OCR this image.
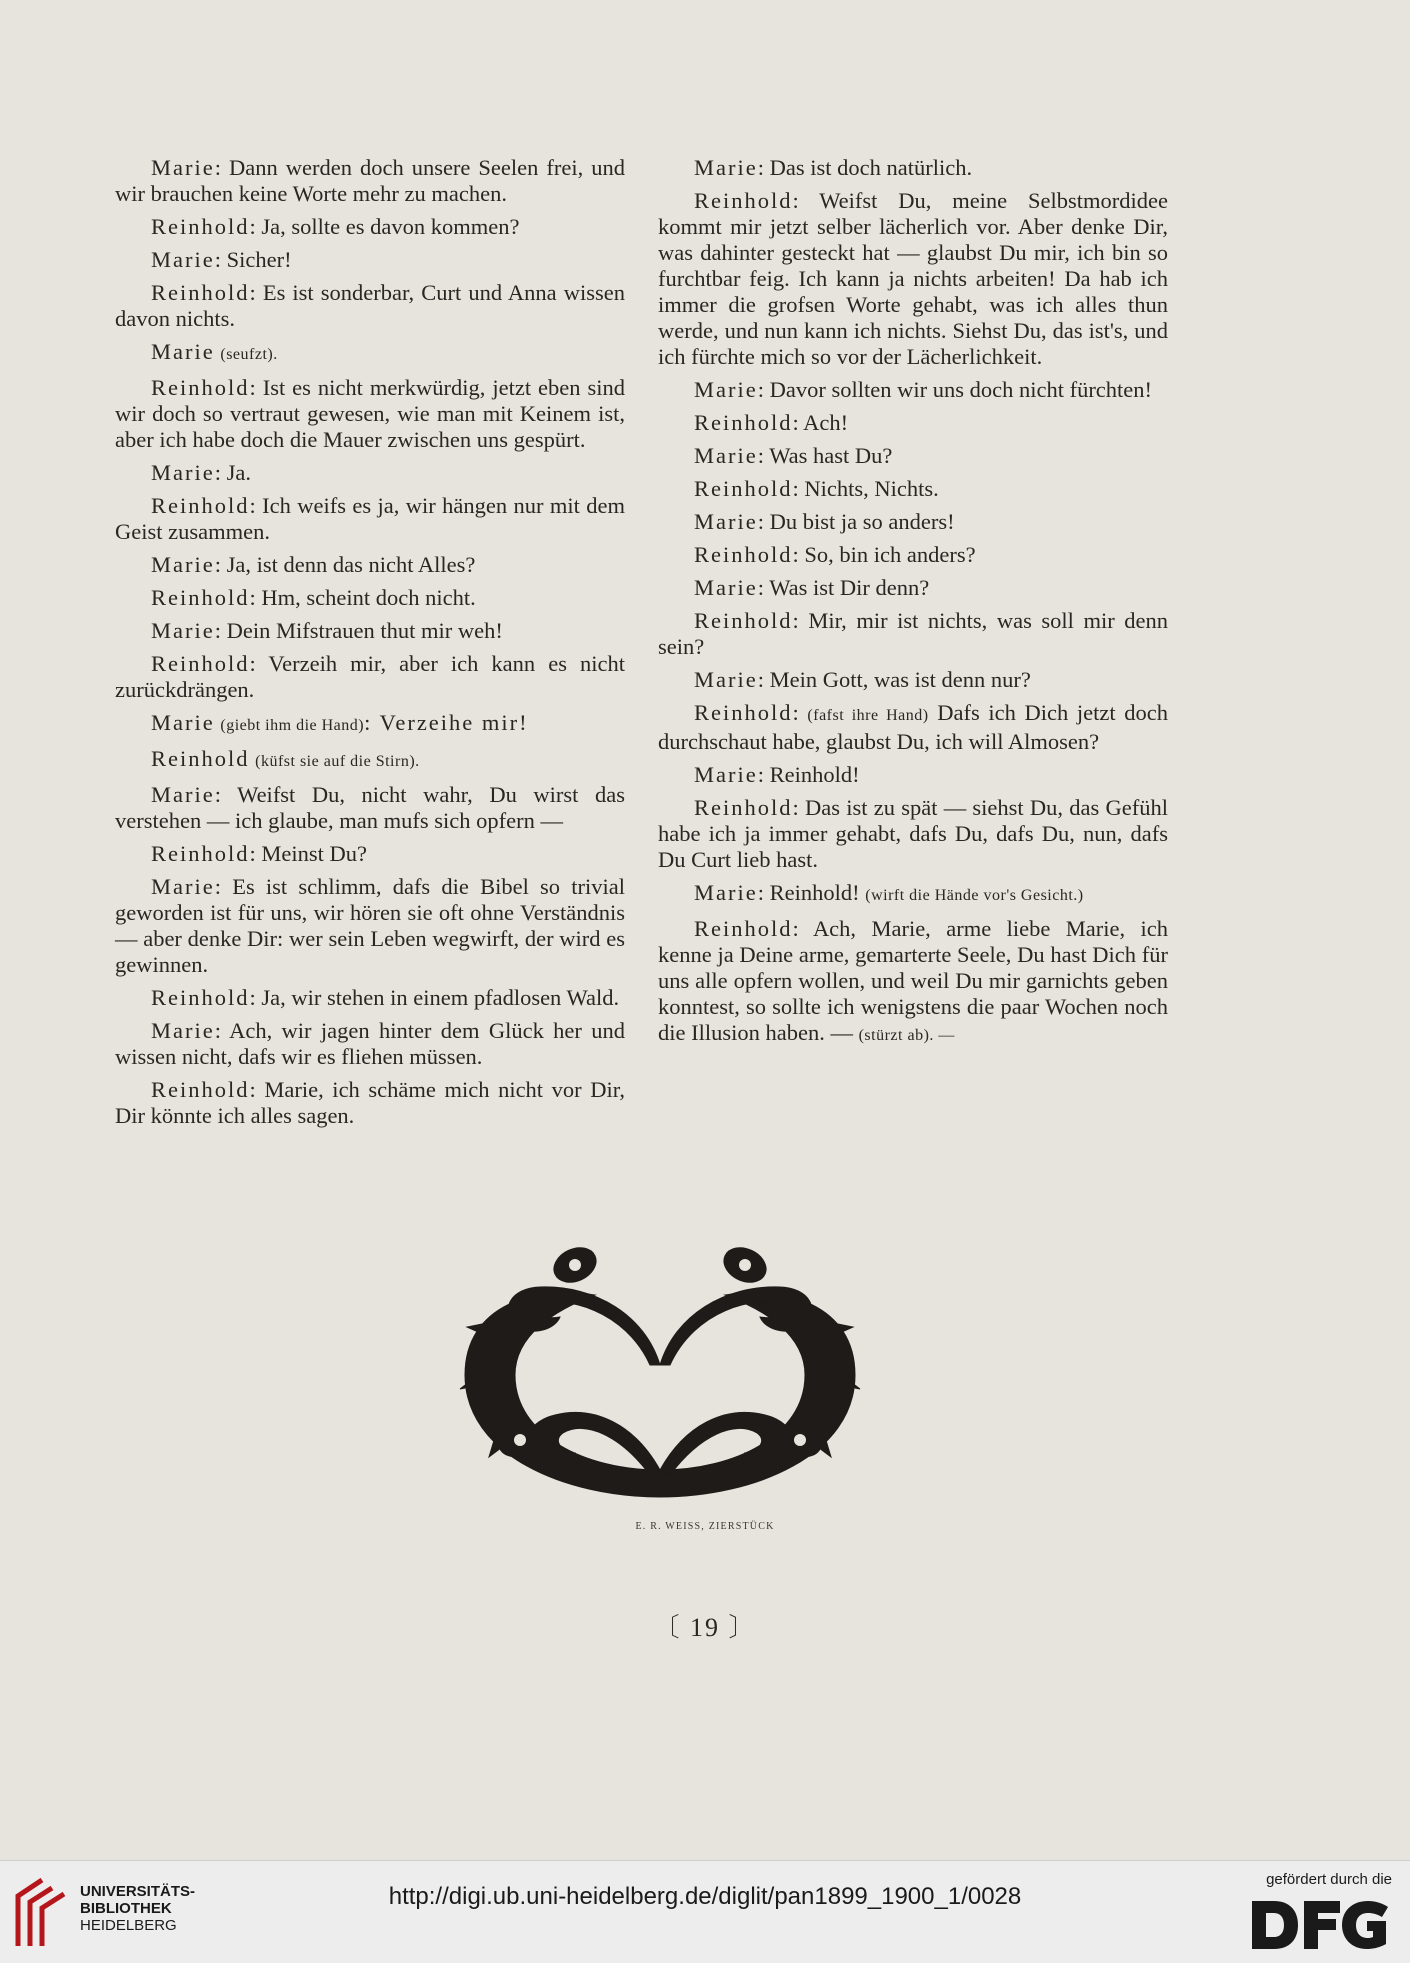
Marie: Dann werden doch unsere Seelen frei, und wir brauchen keine Worte mehr zu machen.

Reinhold: Ja, sollte es davon kommen?

Marie: Sicher!

Reinhold: Es ist sonderbar, Curt und Anna wissen davon nichts.

Marie (seufzt).

Reinhold: Ist es nicht merkwürdig, jetzt eben sind wir doch so vertraut gewesen, wie man mit Keinem ist, aber ich habe doch die Mauer zwischen uns gespürt.

Marie: Ja.

Reinhold: Ich weifs es ja, wir hängen nur mit dem Geist zusammen.

Marie: Ja, ist denn das nicht Alles?

Reinhold: Hm, scheint doch nicht.

Marie: Dein Mifstrauen thut mir weh!

Reinhold: Verzeih mir, aber ich kann es nicht zurückdrängen.

Marie (giebt ihm die Hand): Verzeihe mir!

Reinhold (küfst sie auf die Stirn).

Marie: Weifst Du, nicht wahr, Du wirst das verstehen — ich glaube, man mufs sich opfern —

Reinhold: Meinst Du?

Marie: Es ist schlimm, dafs die Bibel so trivial geworden ist für uns, wir hören sie oft ohne Verständnis — aber denke Dir: wer sein Leben wegwirft, der wird es gewinnen.

Reinhold: Ja, wir stehen in einem pfadlosen Wald.

Marie: Ach, wir jagen hinter dem Glück her und wissen nicht, dafs wir es fliehen müssen.

Reinhold: Marie, ich schäme mich nicht vor Dir, Dir könnte ich alles sagen.

Marie: Das ist doch natürlich.

Reinhold: Weifst Du, meine Selbstmordidee kommt mir jetzt selber lächerlich vor. Aber denke Dir, was dahinter gesteckt hat — glaubst Du mir, ich bin so furchtbar feig. Ich kann ja nichts arbeiten! Da hab ich immer die grofsen Worte gehabt, was ich alles thun werde, und nun kann ich nichts. Siehst Du, das ist's, und ich fürchte mich so vor der Lächerlichkeit.

Marie: Davor sollten wir uns doch nicht fürchten!

Reinhold: Ach!

Marie: Was hast Du?

Reinhold: Nichts, Nichts.

Marie: Du bist ja so anders!

Reinhold: So, bin ich anders?

Marie: Was ist Dir denn?

Reinhold: Mir, mir ist nichts, was soll mir denn sein?

Marie: Mein Gott, was ist denn nur?

Reinhold: (fafst ihre Hand) Dafs ich Dich jetzt doch durchschaut habe, glaubst Du, ich will Almosen?

Marie: Reinhold!

Reinhold: Das ist zu spät — siehst Du, das Gefühl habe ich ja immer gehabt, dafs Du, dafs Du, nun, dafs Du Curt lieb hast.

Marie: Reinhold! (wirft die Hände vor's Gesicht.)

Reinhold: Ach, Marie, arme liebe Marie, ich kenne ja Deine arme, gemarterte Seele, Du hast Dich für uns alle opfern wollen, und weil Du mir garnichts geben konntest, so sollte ich wenigstens die paar Wochen noch die Illusion haben. — (stürzt ab). —

E. R. WEISS, ZIERSTÜCK
〔 19 〕
UNIVERSITÄTS-
BIBLIOTHEK
HEIDELBERG
http://digi.ub.uni-heidelberg.de/diglit/pan1899_1900_1/0028
gefördert durch die
